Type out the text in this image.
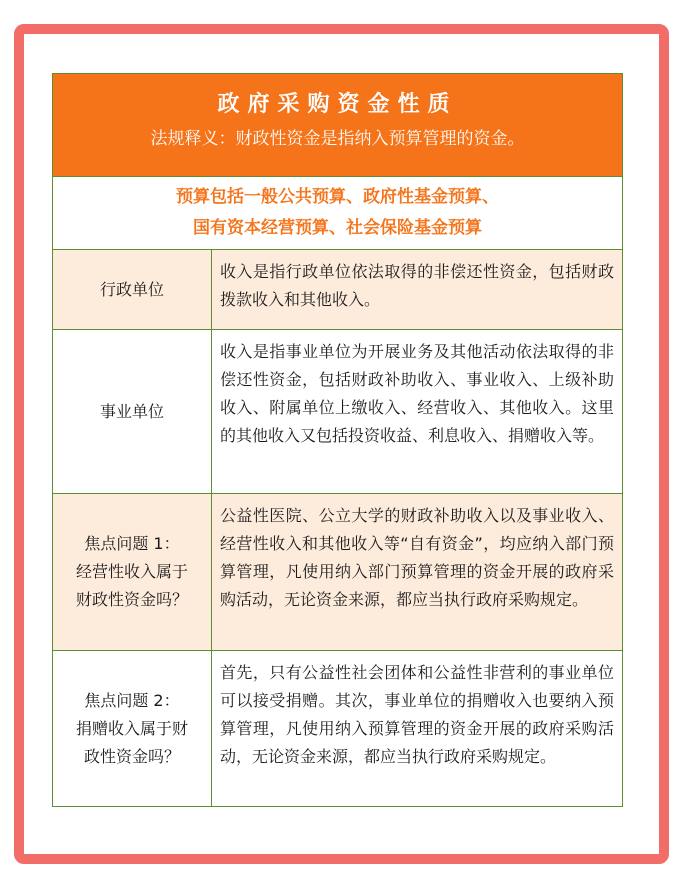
政府采购资金性质
法规释义：财政性资金是指纳入预算管理的资金。
预算包括一般公共预算、政府性基金预算、
国有资本经营预算、社会保险基金预算
行政单位
收入是指行政单位依法取得的非偿还性资金，包括财政拨款收入和其他收入。
事业单位
收入是指事业单位为开展业务及其他活动依法取得的非偿还性资金，包括财政补助收入、事业收入、上级补助收入、附属单位上缴收入、经营收入、其他收入。这里的其他收入又包括投资收益、利息收入、捐赠收入等。
焦点问题 1：
经营性收入属于
财政性资金吗？
公益性医院、公立大学的财政补助收入以及事业收入、经营性收入和其他收入等“自有资金”，均应纳入部门预算管理，凡使用纳入部门预算管理的资金开展的政府采购活动，无论资金来源，都应当执行政府采购规定。
焦点问题 2：
捐赠收入属于财
政性资金吗？
首先，只有公益性社会团体和公益性非营利的事业单位可以接受捐赠。其次，事业单位的捐赠收入也要纳入预算管理，凡使用纳入预算管理的资金开展的政府采购活动，无论资金来源，都应当执行政府采购规定。
